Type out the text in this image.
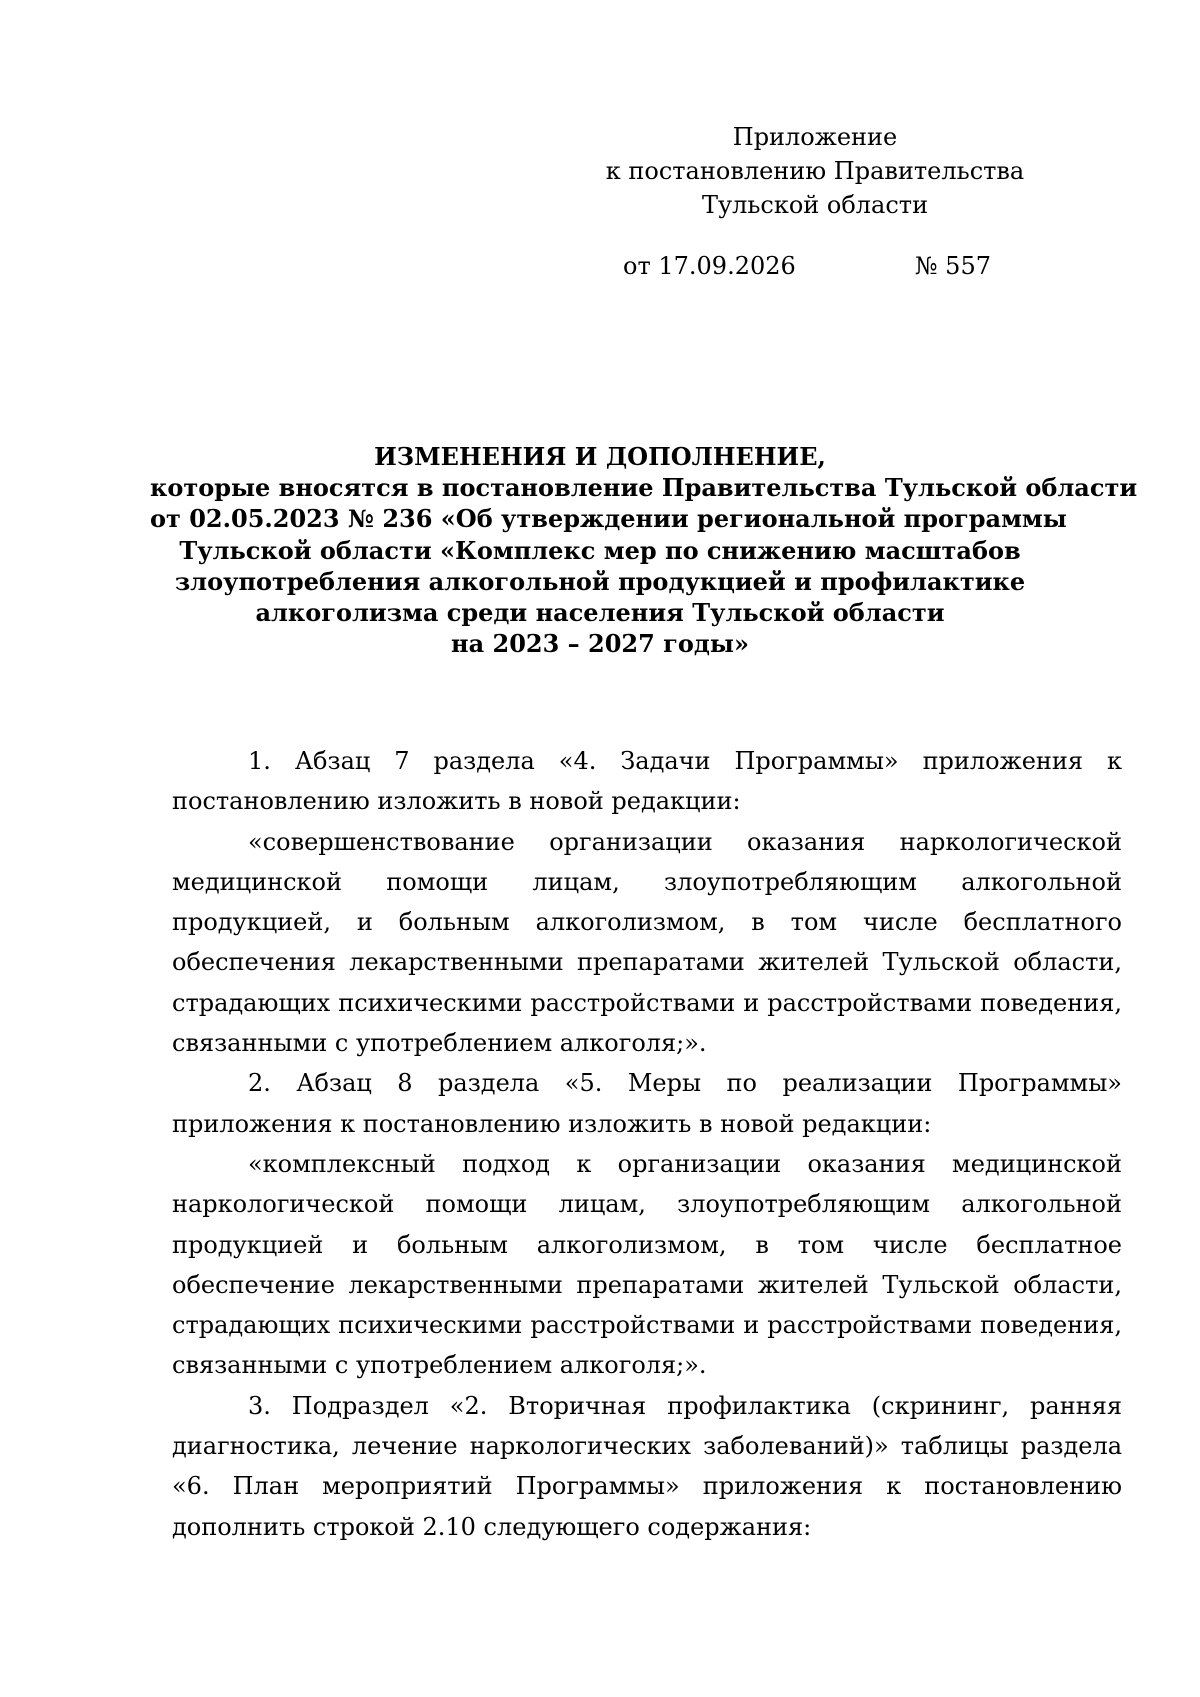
Приложение
к постановлению Правительства
Тульской области
от 17.09.2026	№ 557
ИЗМЕНЕНИЯ И ДОПОЛНЕНИЕ,
которые вносятся в постановление Правительства Тульской области
от 02.05.2023 № 236 «Об утверждении региональной программы
Тульской области «Комплекс мер по снижению масштабов
злоупотребления алкогольной продукцией и профилактике
алкоголизма среди населения Тульской области
на 2023 – 2027 годы»

1. Абзац 7 раздела «4. Задачи Программы» приложения к постановлению изложить в новой редакции:

«совершенствование организации оказания наркологической медицинской помощи лицам, злоупотребляющим алкогольной продукцией, и больным алкоголизмом, в том числе бесплатного обеспечения лекарственными препаратами жителей Тульской области, страдающих психическими расстройствами и расстройствами поведения, связанными с употреблением алкоголя;».

2. Абзац 8 раздела «5. Меры по реализации Программы» приложения к постановлению изложить в новой редакции:

«комплексный подход к организации оказания медицинской наркологической помощи лицам, злоупотребляющим алкогольной продукцией и больным алкоголизмом, в том числе бесплатное обеспечение лекарственными препаратами жителей Тульской области, страдающих психическими расстройствами и расстройствами поведения, связанными с употреблением алкоголя;».

3. Подраздел «2. Вторичная профилактика (скрининг, ранняя диагностика, лечение наркологических заболеваний)» таблицы раздела «6. План мероприятий Программы» приложения к постановлению дополнить строкой 2.10 следующего содержания:
